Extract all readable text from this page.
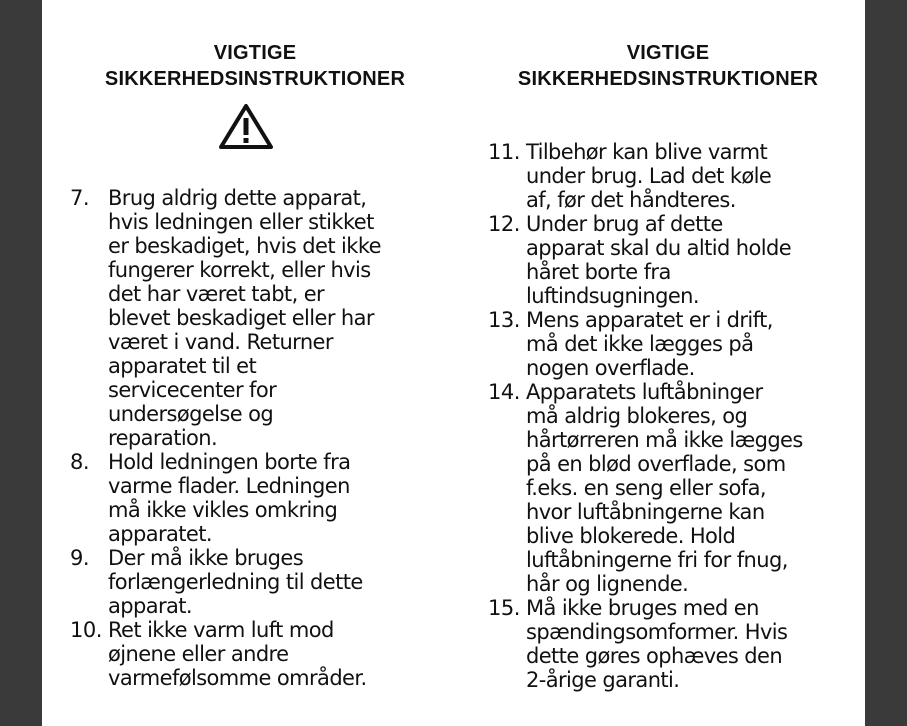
VIGTIGE
SIKKERHEDSINSTRUKTIONER
7. Brug aldrig dette apparat,
hvis ledningen eller stikket
er beskadiget, hvis det ikke
fungerer korrekt, eller hvis
det har været tabt, er
blevet beskadiget eller har
været i vand. Returner
apparatet til et
servicecenter for
undersøgelse og
reparation.
8. Hold ledningen borte fra
varme flader. Ledningen
må ikke vikles omkring
apparatet.
9. Der må ikke bruges
forlængerledning til dette
apparat.
10. Ret ikke varm luft mod
øjnene eller andre
varmefølsomme områder.
VIGTIGE
SIKKERHEDSINSTRUKTIONER
11. Tilbehør kan blive varmt
under brug. Lad det køle
af, før det håndteres.
12. Under brug af dette
apparat skal du altid holde
håret borte fra
luftindsugningen.
13. Mens apparatet er i drift,
må det ikke lægges på
nogen overflade.
14. Apparatets luftåbninger
må aldrig blokeres, og
hårtørreren må ikke lægges
på en blød overflade, som
f.eks. en seng eller sofa,
hvor luftåbningerne kan
blive blokerede. Hold
luftåbningerne fri for fnug,
hår og lignende.
15. Må ikke bruges med en
spændingsomformer. Hvis
dette gøres ophæves den
2-årige garanti.
